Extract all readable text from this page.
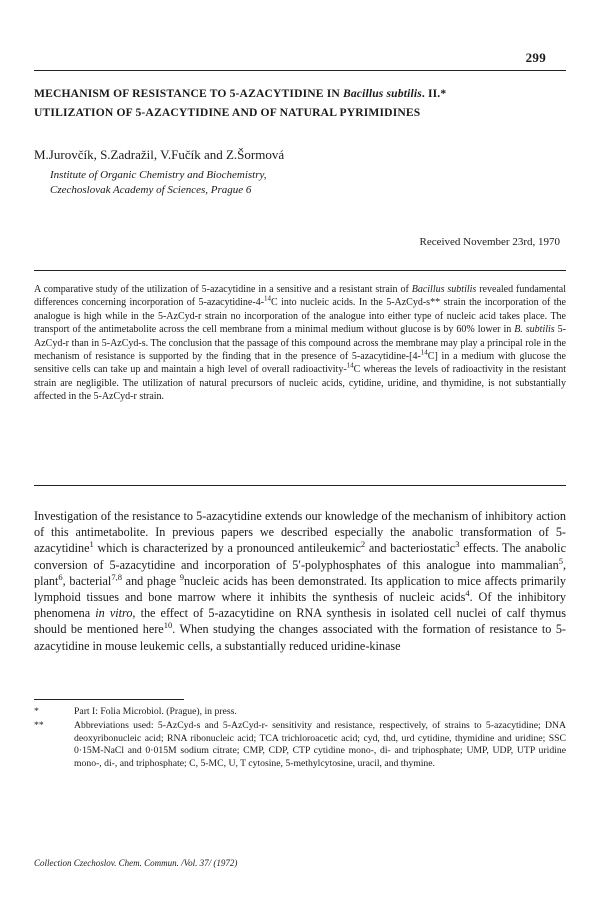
299
MECHANISM OF RESISTANCE TO 5-AZACYTIDINE IN Bacillus subtilis. II.*
UTILIZATION OF 5-AZACYTIDINE AND OF NATURAL PYRIMIDINES
M.Jurovčík, S.Zadražil, V.Fučík and Z.Šormová
Institute of Organic Chemistry and Biochemistry,
Czechoslovak Academy of Sciences, Prague 6
Received November 23rd, 1970
A comparative study of the utilization of 5-azacytidine in a sensitive and a resistant strain of Bacillus subtilis revealed fundamental differences concerning incorporation of 5-azacytidine-4-$^{14}$C into nucleic acids. In the 5-AzCyd-s** strain the incorporation of the analogue is high while in the 5-AzCyd-r strain no incorporation of the analogue into either type of nucleic acid takes place. The transport of the antimetabolite across the cell membrane from a minimal medium without glucose is by 60% lower in B. subtilis 5-AzCyd-r than in 5-AzCyd-s. The conclusion that the passage of this compound across the membrane may play a principal role in the mechanism of resistance is supported by the finding that in the presence of 5-azacytidine-[4-$^{14}$C] in a medium with glucose the sensitive cells can take up and maintain a high level of overall radioactivity-$^{14}$C whereas the levels of radioactivity in the resistant strain are negligible. The utilization of natural precursors of nucleic acids, cytidine, uridine, and thymidine, is not substantially affected in the 5-AzCyd-r strain.
Investigation of the resistance to 5-azacytidine extends our knowledge of the mechanism of inhibitory action of this antimetabolite. In previous papers we described especially the anabolic transformation of 5-azacytidine$^1$ which is characterized by a pronounced antileukemic$^2$ and bacteriostatic$^3$ effects. The anabolic conversion of 5-azacytidine and incorporation of 5′-polyphosphates of this analogue into mammalian$^5$, plant$^6$, bacterial$^{7,8}$ and phage $^9$nucleic acids has been demonstrated. Its application to mice affects primarily lymphoid tissues and bone marrow where it inhibits the synthesis of nucleic acids$^4$. Of the inhibitory phenomena in vitro, the effect of 5-azacytidine on RNA synthesis in isolated cell nuclei of calf thymus should be mentioned here$^{10}$. When studying the changes associated with the formation of resistance to 5-azacytidine in mouse leukemic cells, a substantially reduced uridine-kinase
*	Part I: Folia Microbiol. (Prague), in press.
**	Abbreviations used: 5-AzCyd-s and 5-AzCyd-r- sensitivity and resistance, respectively, of strains to 5-azacytidine; DNA deoxyribonucleic acid; RNA ribonucleic acid; TCA trichloroacetic acid; cyd, thd, urd cytidine, thymidine and uridine; SSC 0·15M-NaCl and 0·015M sodium citrate; CMP, CDP, CTP cytidine mono-, di- and triphosphate; UMP, UDP, UTP uridine mono-, di-, and triphosphate; C, 5-MC, U, T cytosine, 5-methylcytosine, uracil, and thymine.
Collection Czechoslov. Chem. Commun. /Vol. 37/ (1972)
